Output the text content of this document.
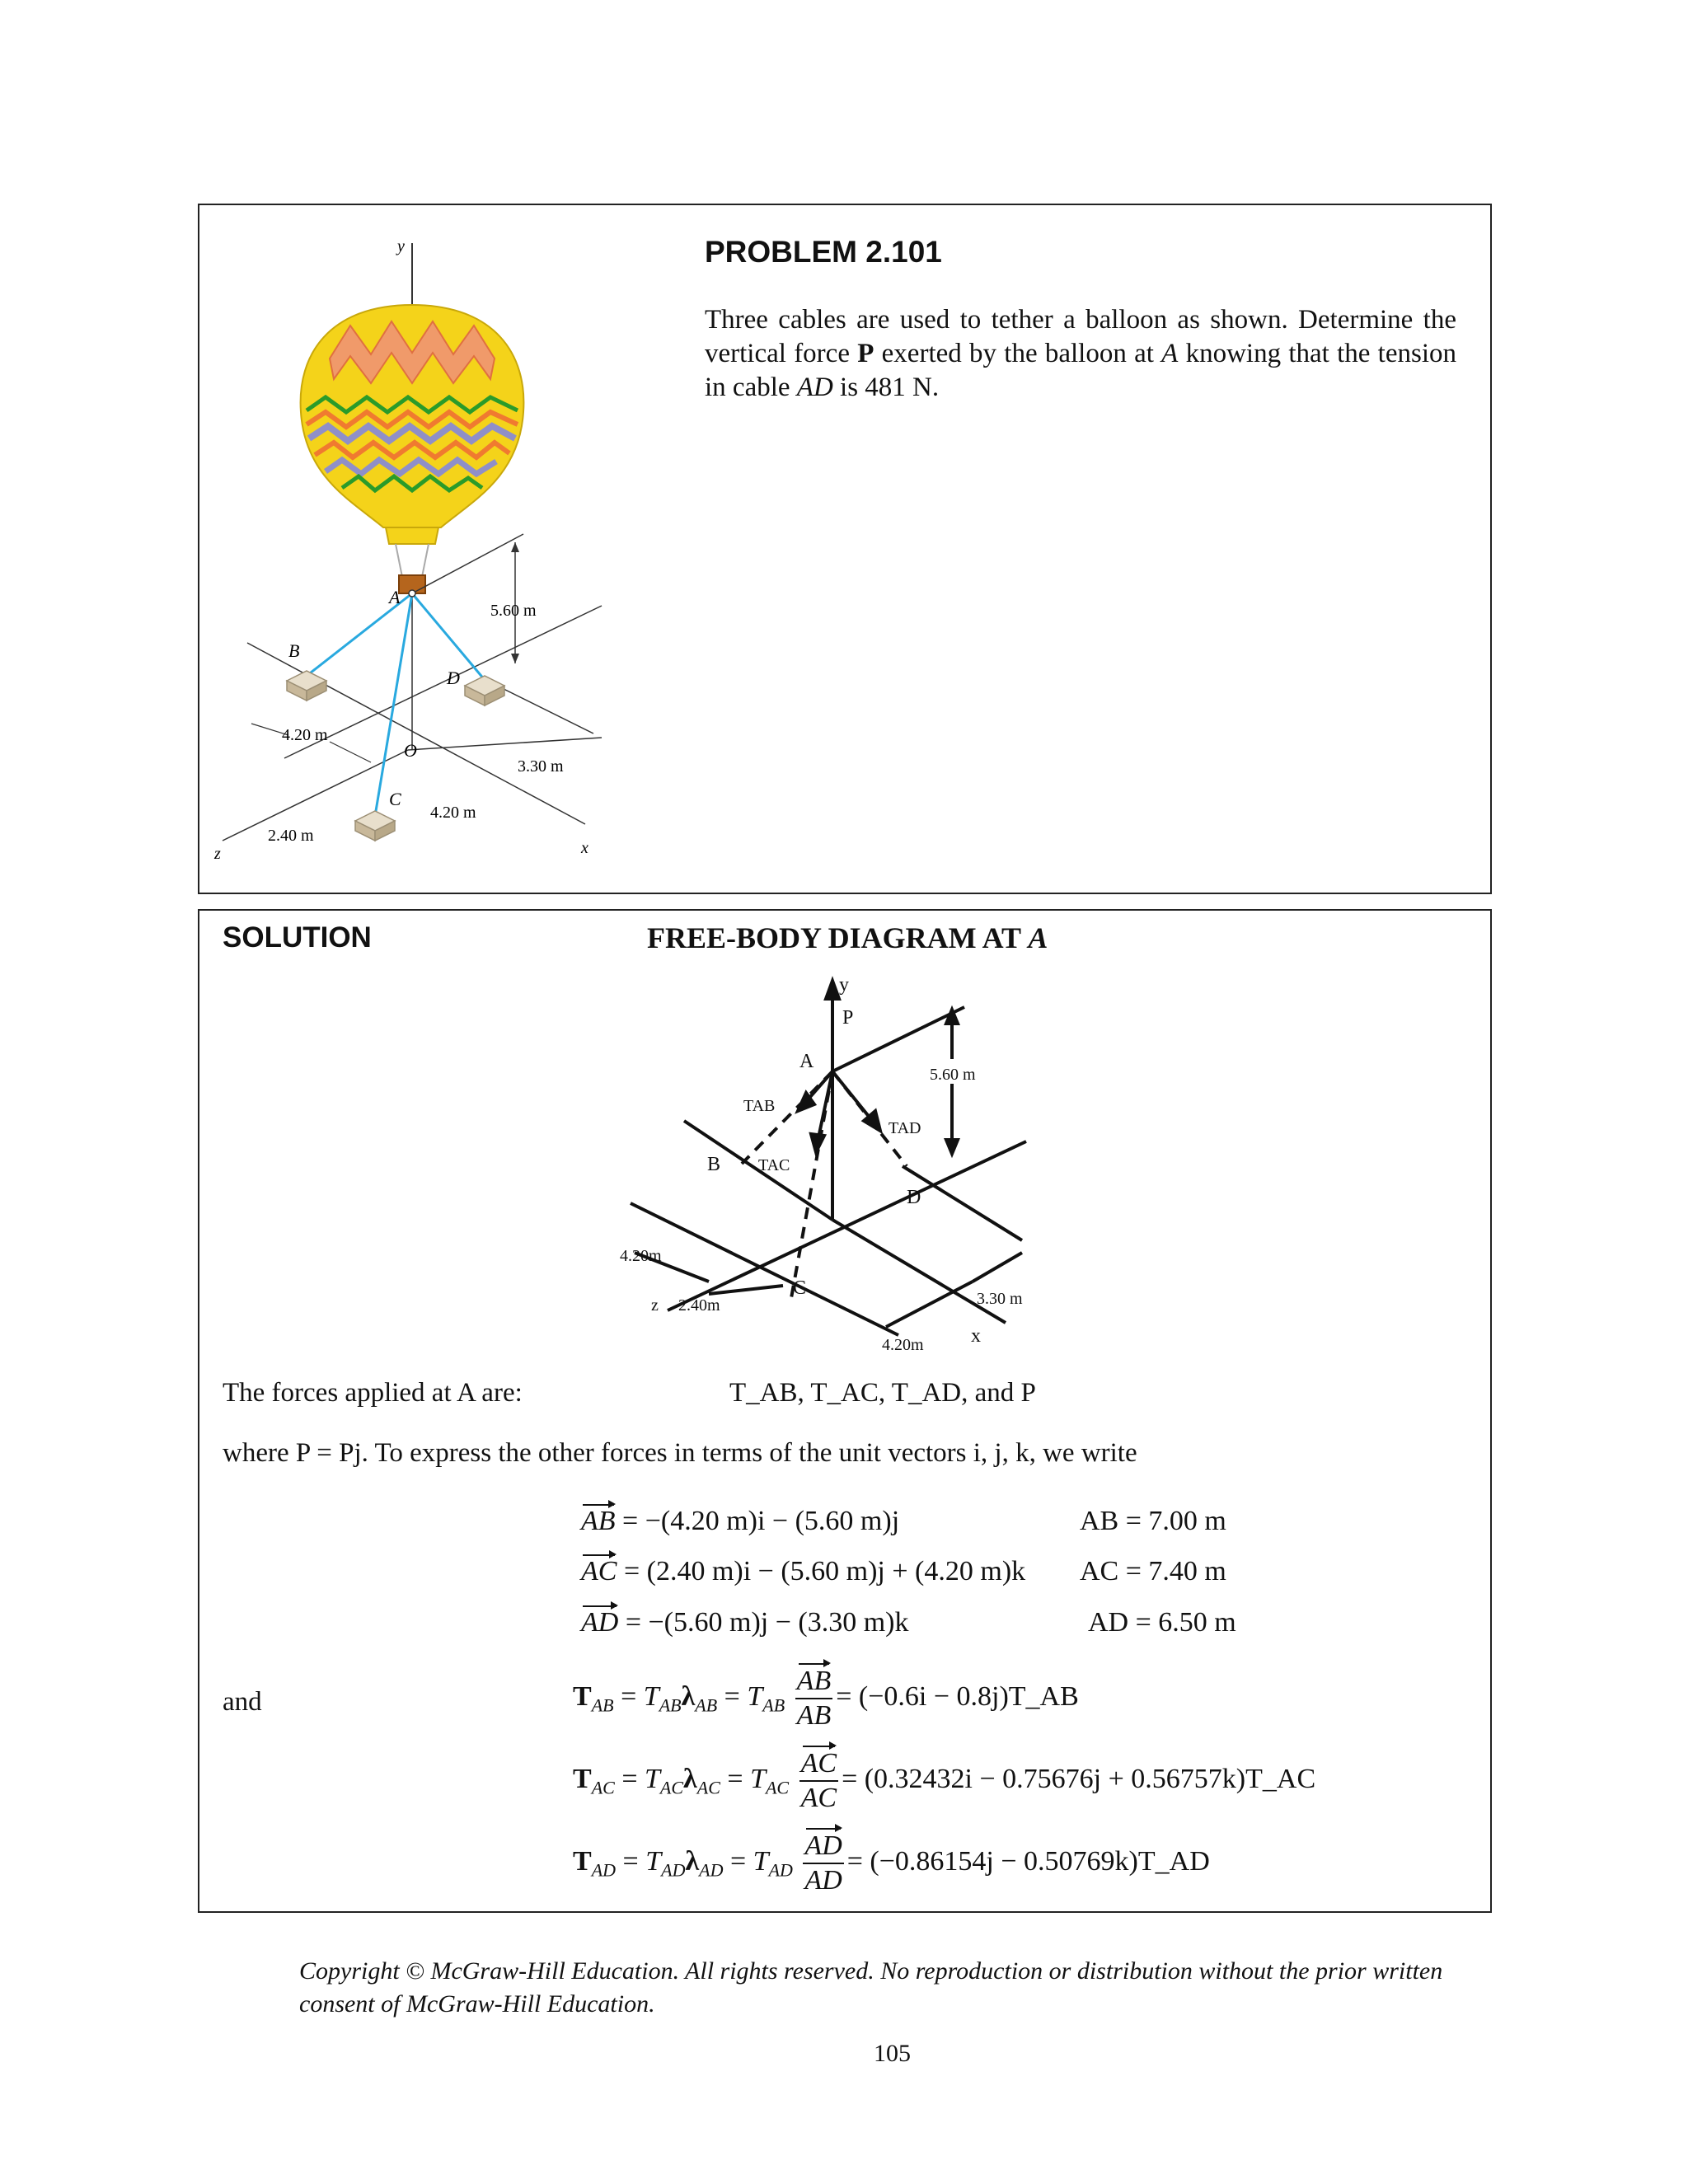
y
5.60 m
A
B
D
O
C
z	x
4.20 m
3.30 m
4.20 m
2.40 m
PROBLEM 2.101
Three cables are used to tether a balloon as shown. Determine the vertical force P exerted by the balloon at A knowing that the tension in cable AD is 481 N.
SOLUTION	FREE-BODY DIAGRAM AT A
y
P
A
B
D
C
TAB
TAC
TAD
5.60 m
4.20m
z 2.40m	3.30 m
4.20m x
The forces applied at A are:	T_AB, T_AC, T_AD, and P
where P = Pj. To express the other forces in terms of the unit vectors i, j, k, we write
AB = −(4.20 m)i − (5.60 m)j	AB = 7.00 m
AC = (2.40 m)i − (5.60 m)j + (4.20 m)k AC = 7.40 m
AD = −(5.60 m)j − (3.30 m)k	AD = 6.50 m
and	$T_{AB} = T_{AB}\lambda_{AB} = T_{AB} \frac{AB}{AB} = (-0.6i$ − 0.8j)T_AB
$T_{AC} = T_{AC}\lambda_{AC} = T_{AC} \frac{AC}{AC} = (0.32432i - 0.75676j$ + 0.56757k)T_AC
$T_{AD} = T_{AD}\lambda_{AD} = T_{AD} \frac{AD}{AD} = (-0.86154j$ − 0.50769k)T_AD
Copyright © McGraw-Hill Education. All rights reserved. No reproduction or distribution without the prior written consent of McGraw-Hill Education.
105
